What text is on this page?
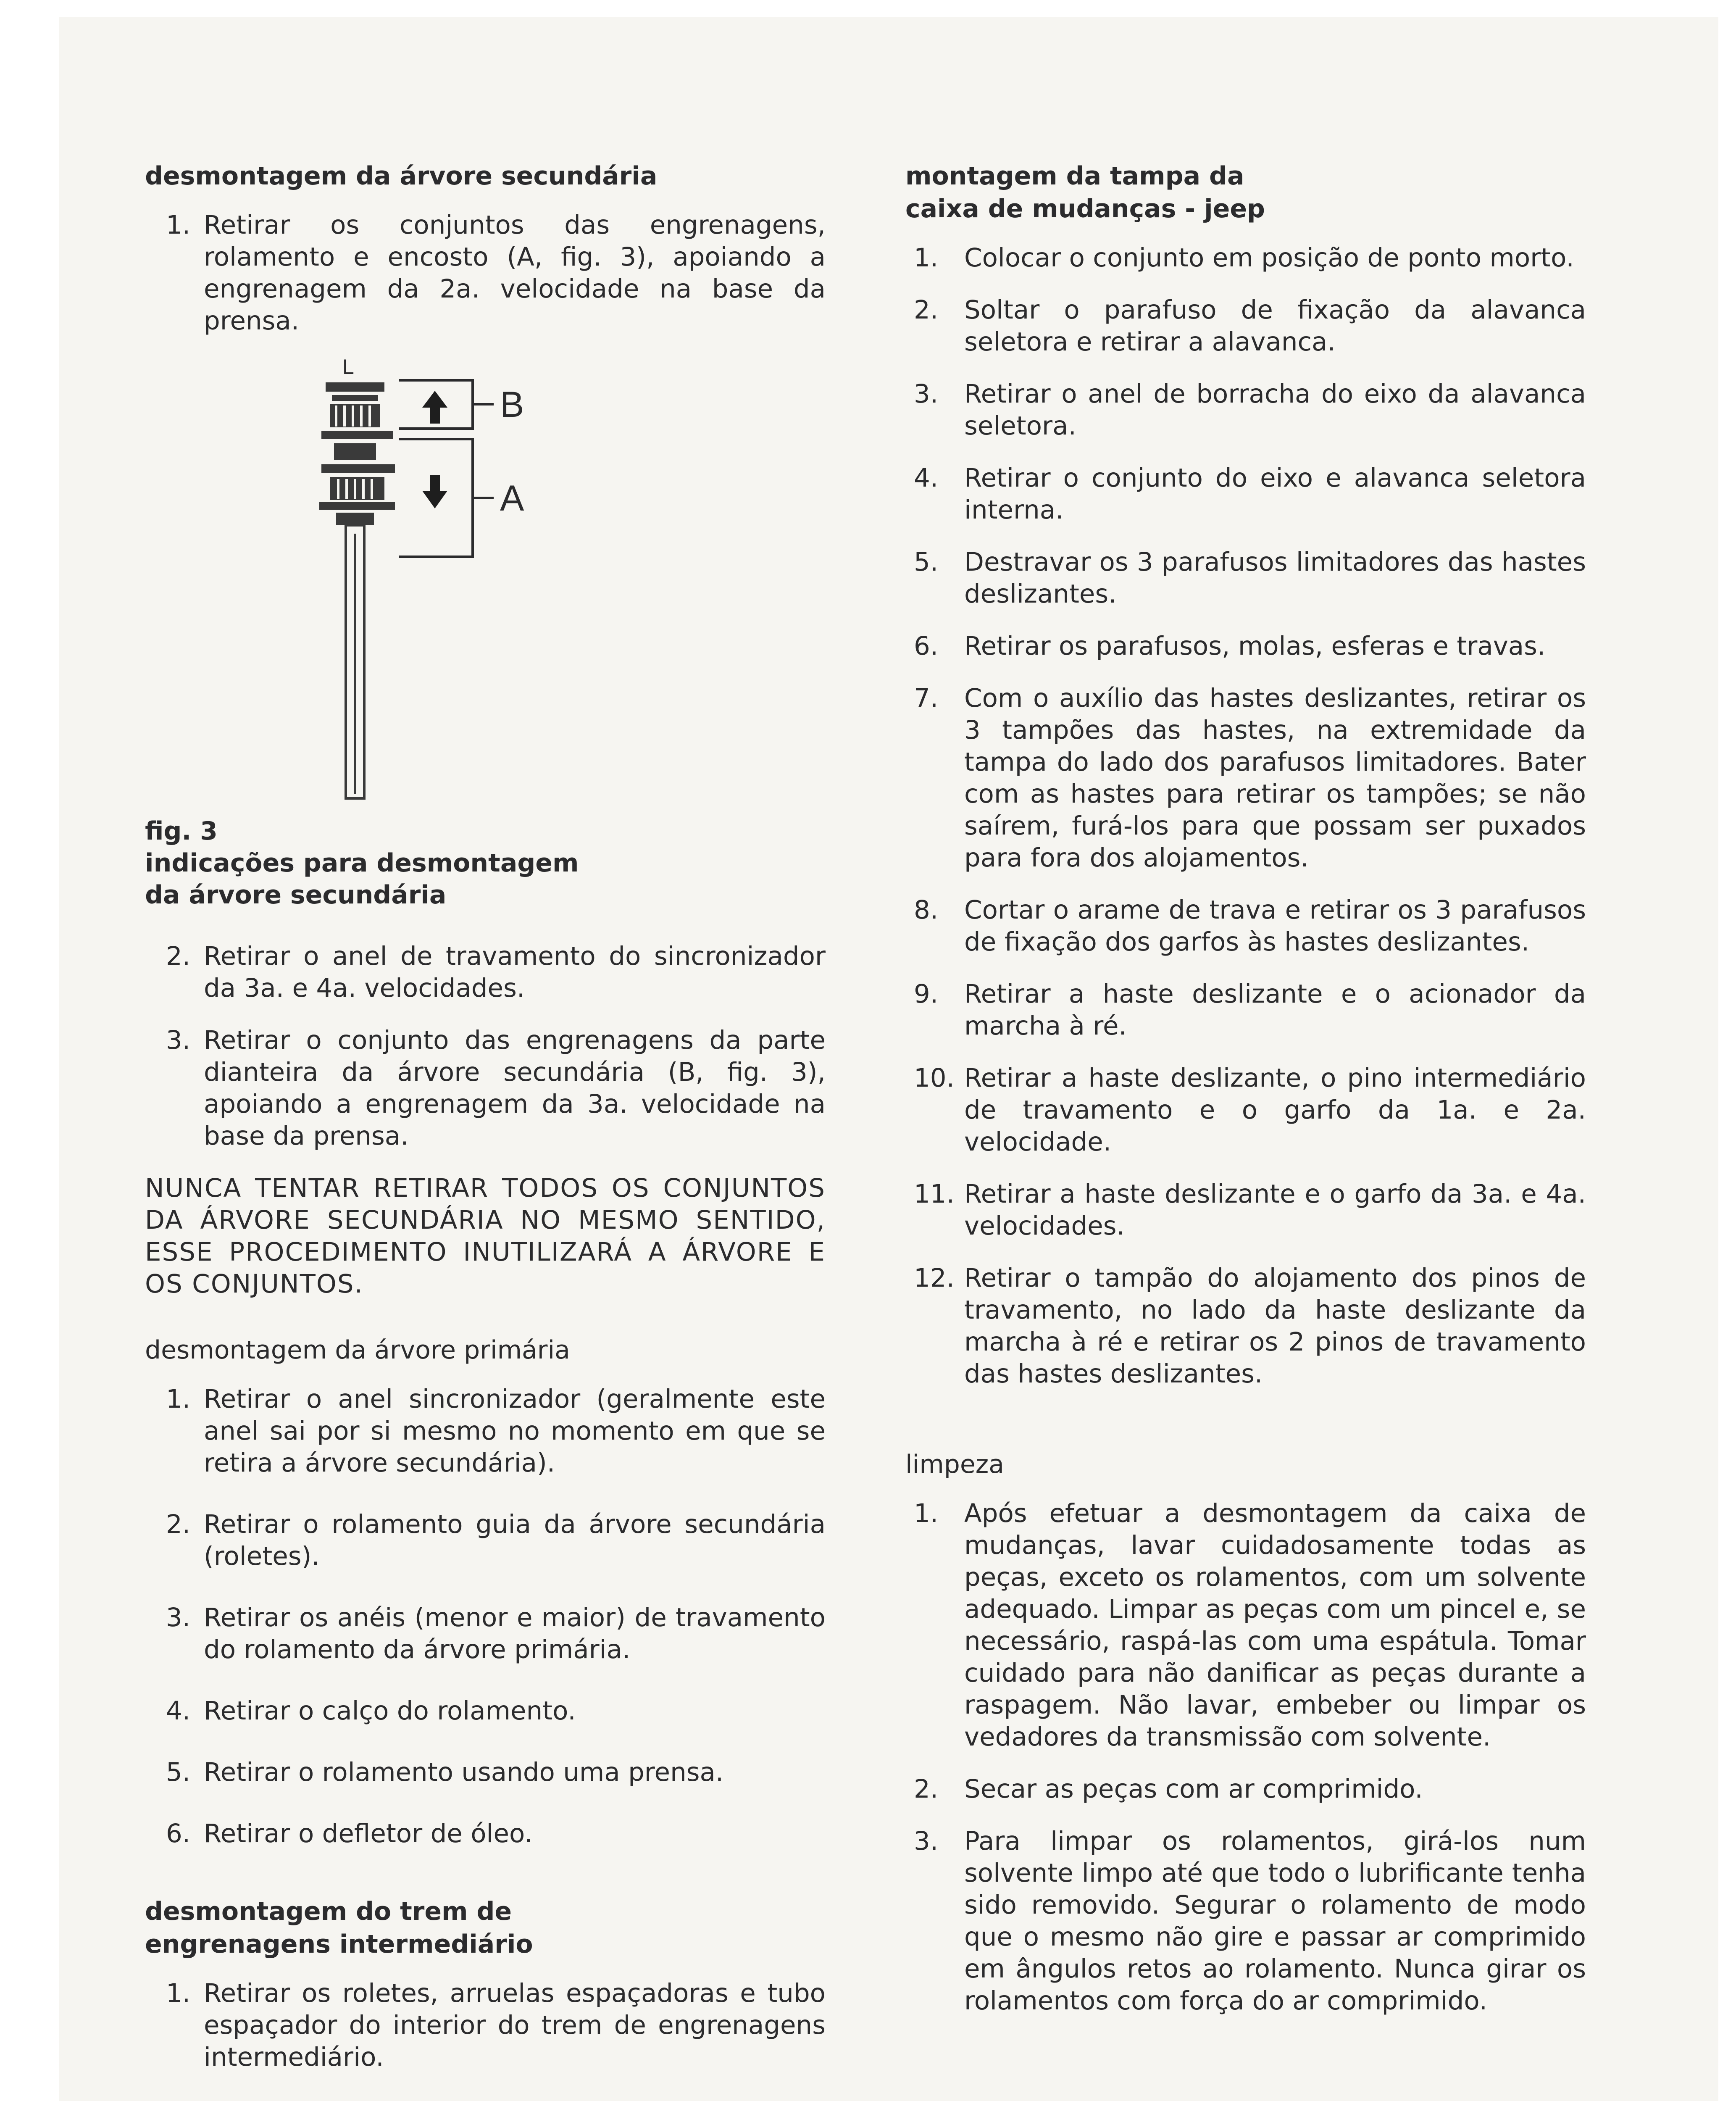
desmontagem da árvore secundária
1. Retirar os conjuntos das engrenagens, rolamento e encosto (A, fig. 3), apoiando a engrenagem da 2a. velocidade na base da prensa.
L
B
A
fig. 3
indicações para desmontagem
da árvore secundária
2. Retirar o anel de travamento do sincronizador da 3a. e 4a. velocidades.
3. Retirar o conjunto das engrenagens da parte dianteira da árvore secundária (B, fig. 3), apoiando a engrenagem da 3a. velocidade na base da prensa.
NUNCA TENTAR RETIRAR TODOS OS CONJUNTOS DA ÁRVORE SECUNDÁRIA NO MESMO SENTIDO, ESSE PROCEDIMENTO INUTILIZARÁ A ÁRVORE E OS CONJUNTOS.
desmontagem da árvore primária
1. Retirar o anel sincronizador (geralmente este anel sai por si mesmo no momento em que se retira a árvore secundária).
2. Retirar o rolamento guia da árvore secundária (roletes).
3. Retirar os anéis (menor e maior) de travamento do rolamento da árvore primária.
4. Retirar o calço do rolamento.
5. Retirar o rolamento usando uma prensa.
6. Retirar o defletor de óleo.
desmontagem do trem de
engrenagens intermediário
1. Retirar os roletes, arruelas espaçadoras e tubo espaçador do interior do trem de engrenagens intermediário.
montagem da tampa da
caixa de mudanças - jeep
1.	Colocar o conjunto em posição de ponto morto.
2.	Soltar o parafuso de fixação da alavanca seletora e retirar a alavanca.
3.	Retirar o anel de borracha do eixo da alavanca seletora.
4.	Retirar o conjunto do eixo e alavanca seletora interna.
5.	Destravar os 3 parafusos limitadores das hastes deslizantes.
6.	Retirar os parafusos, molas, esferas e travas.
7.	Com o auxílio das hastes deslizantes, retirar os 3 tampões das hastes, na extremidade da tampa do lado dos parafusos limitadores. Bater com as hastes para retirar os tampões; se não saírem, furá-los para que possam ser puxados para fora dos alojamentos.
8.	Cortar o arame de trava e retirar os 3 parafusos de fixação dos garfos às hastes deslizantes.
9.	Retirar a haste deslizante e o acionador da marcha à ré.
10. Retirar a haste deslizante, o pino intermediário de travamento e o garfo da 1a. e 2a. velocidade.
11. Retirar a haste deslizante e o garfo da 3a. e 4a. velocidades.
12. Retirar o tampão do alojamento dos pinos de travamento, no lado da haste deslizante da marcha à ré e retirar os 2 pinos de travamento das hastes deslizantes.
limpeza
1.	Após efetuar a desmontagem da caixa de mudanças, lavar cuidadosamente todas as peças, exceto os rolamentos, com um solvente adequado. Limpar as peças com um pincel e, se necessário, raspá-las com uma espátula. Tomar cuidado para não danificar as peças durante a raspagem. Não lavar, embeber ou limpar os vedadores da transmissão com solvente.
2.	Secar as peças com ar comprimido.
3.	Para limpar os rolamentos, girá-los num solvente limpo até que todo o lubrificante tenha sido removido. Segurar o rolamento de modo que o mesmo não gire e passar ar comprimido em ângulos retos ao rolamento. Nunca girar os rolamentos com força do ar comprimido.
